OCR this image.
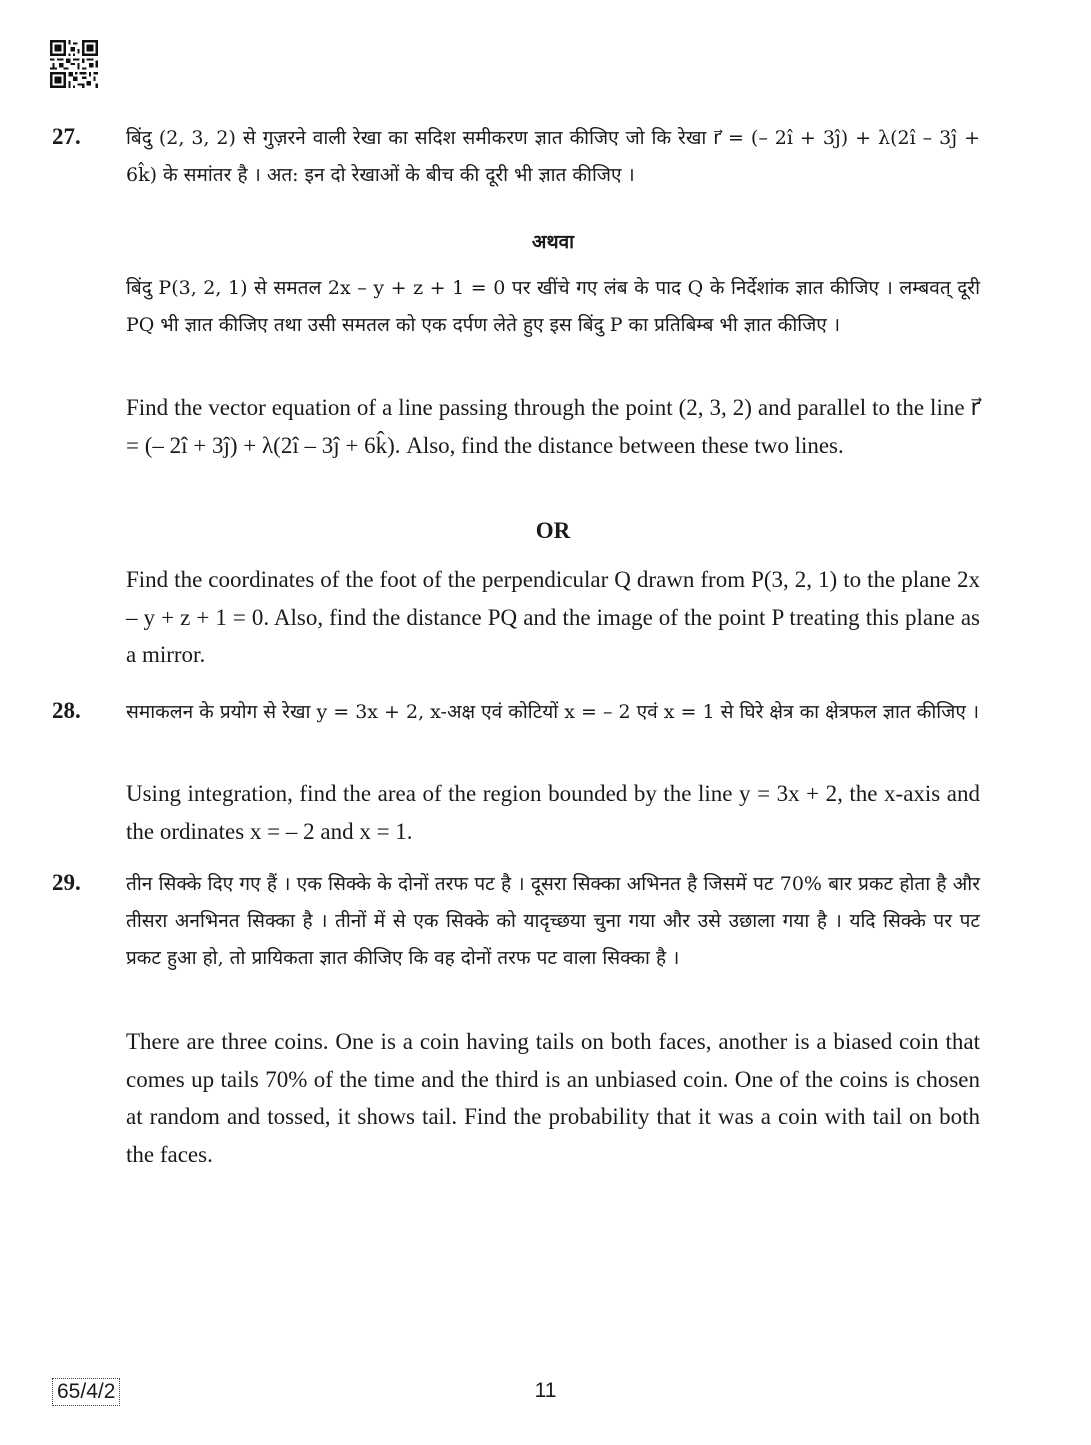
27. बिंदु (2, 3, 2) से गुज़रने वाली रेखा का सदिश समीकरण ज्ञात कीजिए जो कि रेखा r⃗ = (– 2î + 3ĵ) + λ(2î – 3ĵ + 6k̂) के समांतर है । अत: इन दो रेखाओं के बीच की दूरी भी ज्ञात कीजिए ।
अथवा
बिंदु P(3, 2, 1) से समतल 2x – y + z + 1 = 0 पर खींचे गए लंब के पाद Q के निर्देशांक ज्ञात कीजिए । लम्बवत् दूरी PQ भी ज्ञात कीजिए तथा उसी समतल को एक दर्पण लेते हुए इस बिंदु P का प्रतिबिम्ब भी ज्ञात कीजिए ।
Find the vector equation of a line passing through the point (2, 3, 2) and parallel to the line r⃗ = (– 2î + 3ĵ) + λ(2î – 3ĵ + 6k̂). Also, find the distance between these two lines.
OR
Find the coordinates of the foot of the perpendicular Q drawn from P(3, 2, 1) to the plane 2x – y + z + 1 = 0. Also, find the distance PQ and the image of the point P treating this plane as a mirror.
28. समाकलन के प्रयोग से रेखा y = 3x + 2, x-अक्ष एवं कोटियों x = – 2 एवं x = 1 से घिरे क्षेत्र का क्षेत्रफल ज्ञात कीजिए ।
Using integration, find the area of the region bounded by the line y = 3x + 2, the x-axis and the ordinates x = – 2 and x = 1.
29. तीन सिक्के दिए गए हैं । एक सिक्के के दोनों तरफ पट है । दूसरा सिक्का अभिनत है जिसमें पट 70% बार प्रकट होता है और तीसरा अनभिनत सिक्का है । तीनों में से एक सिक्के को यादृच्छया चुना गया और उसे उछाला गया है । यदि सिक्के पर पट प्रकट हुआ हो, तो प्रायिकता ज्ञात कीजिए कि वह दोनों तरफ पट वाला सिक्का है ।
There are three coins. One is a coin having tails on both faces, another is a biased coin that comes up tails 70% of the time and the third is an unbiased coin. One of the coins is chosen at random and tossed, it shows tail. Find the probability that it was a coin with tail on both the faces.
65/4/2	11
